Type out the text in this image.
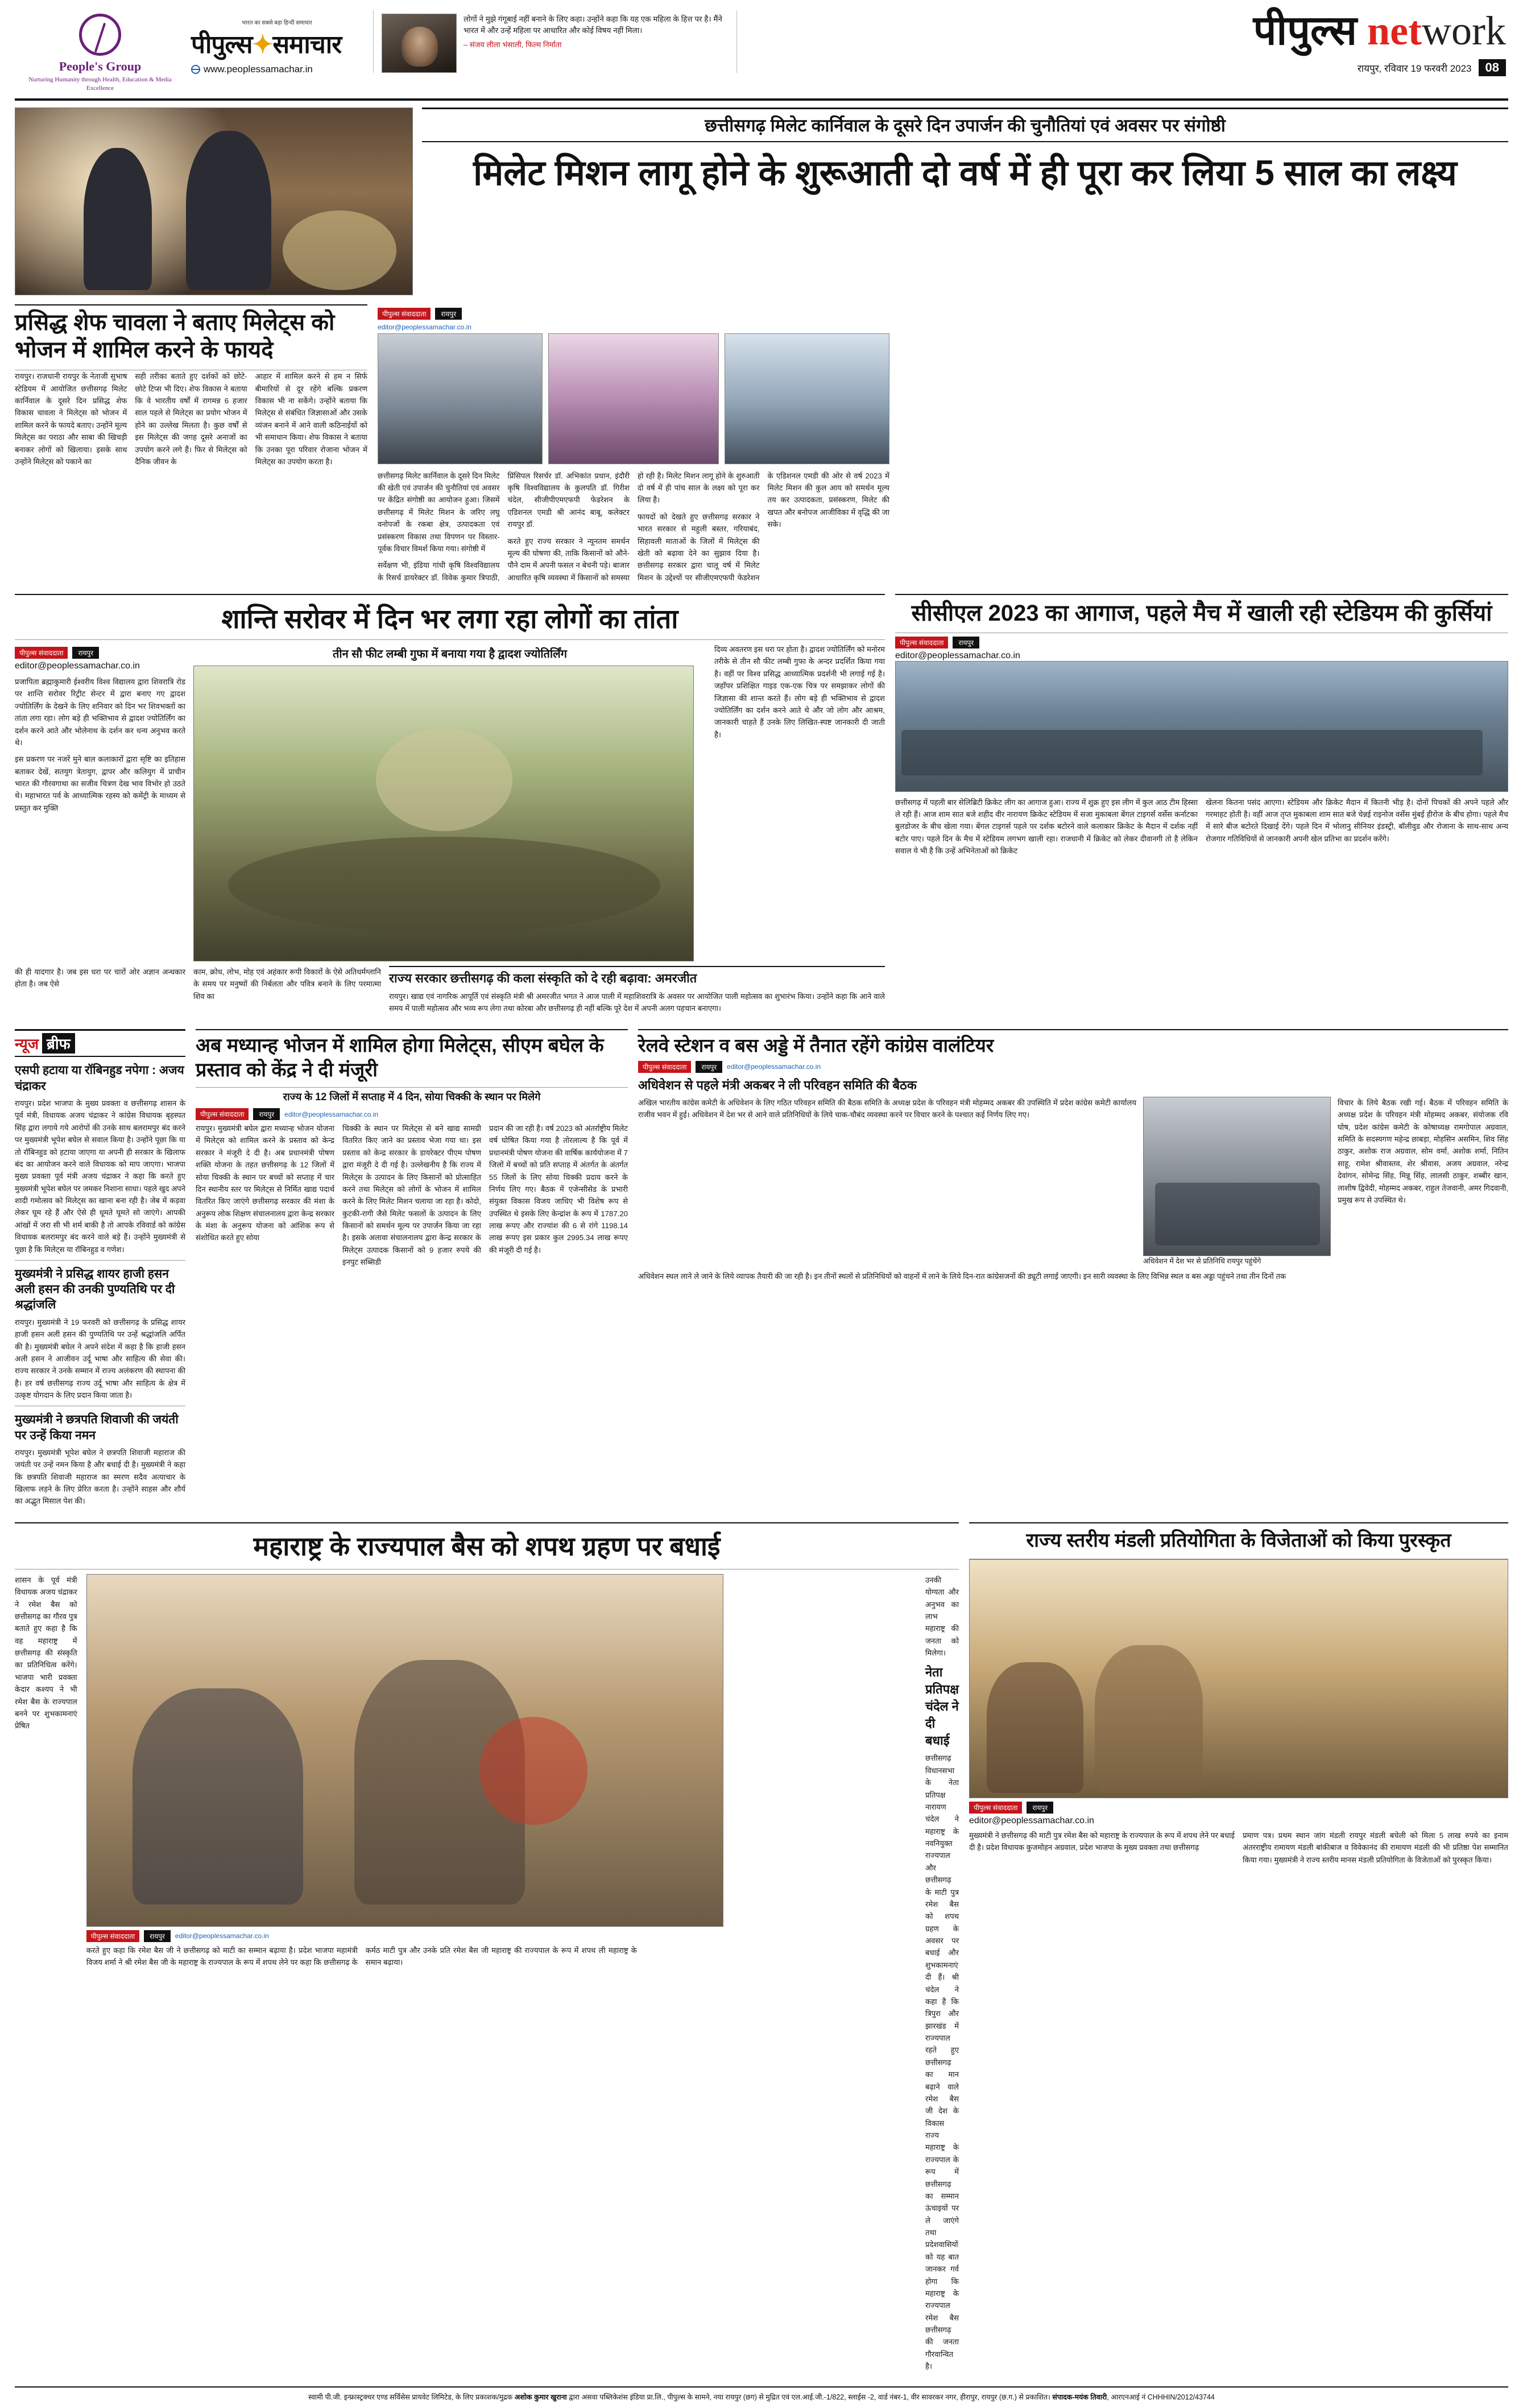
People's Group
Nurturing Humanity through Health, Education & Media Excellence
भारत का सबसे बड़ा हिन्दी समाचार
पीपुल्स✦समाचार
www.peoplessamachar.in
लोगों ने मुझे गंगूबाई नहीं बनाने के लिए कहा। उन्होंने कहा कि यह एक महिला के हित्त पर है। मैंने भारत में और उन्हें महिला पर आधारित और कोई विषय नहीं मिला।
– संजय लीला भंसाली, फिल्म निर्माता	पीपुल्स network
रायपुर, रविवार 19 फरवरी 2023	08
छत्तीसगढ़ मिलेट कार्निवाल के दूसरे दिन उपार्जन की चुनौतियां एवं अवसर पर संगोष्ठी
मिलेट मिशन लागू होने के शुरूआती दो वर्ष में ही पूरा कर लिया 5 साल का लक्ष्य
प्रसिद्ध शेफ चावला ने बताए मिलेट्स को भोजन में शामिल करने के फायदे

रायपुर। राजधानी रायपुर के नेताजी सुभाष स्टेडियम में आयोजित छत्तीसगढ़ मिलेट कार्निवाल के दूसरे दिन प्रसिद्ध शेफ विकास चावला ने मिलेट्स को भोजन में शामिल करने के फायदे बताए। उन्होंने मूल्य मिलेट्स का पराठा और साबा की खिचड़ी बनाकर लोगों को खिलाया। इसके साथ उन्होंने मिलेट्स को पकाने का

सही तरीका बताते हुए दर्शकों को छोटे-छोटे टिप्स भी दिए। शेफ विकास ने बताया कि वे भारतीय वर्षों में रागमन्न 6 हजार साल पहले से मिलेट्स का प्रयोग भोजन में होने का उल्लेख मिलता है। कुछ वर्षों से इस मिलेट्स की जगह दूसरे अनाजों का उपयोग करने लगे हैं। फिर से मिलेट्स को दैनिक जीवन के

आहार में शामिल करने से हम न सिर्फ बीमारियों से दूर रहेंगे बल्कि प्रकरण विकास भी ना सकेंगे। उन्होंने बताया कि मिलेट्स से संबंधित जिज्ञासाओं और उसके व्यंजन बनाने में आने वाली कठिनाईयों को भी समाधान किया। शेफ विकास ने बताया कि उनका पूरा परिवार रोजाना भोजन में मिलेट्स का उपयोग करता है।

पीपुल्स संवाददाता	रायपुर
editor@peoplessamachar.co.in

छत्तीसगढ़ मिलेट कार्निवाल के दूसरे दिन मिलेट की खेती एवं उपार्जन की चुनौतियां एवं अवसर पर केंद्रित संगोष्ठी का आयोजन हुआ। जिसमें छत्तीसगढ़ में मिलेट मिशन के जरिए लघु वनोपजों के रकबा क्षेत्र, उत्पादकता एवं प्रसंस्करण विकास तथा विपणन पर विस्तार-पूर्वक विचार विमर्श किया गया। संगोष्ठी में

सर्वेक्षण भी, इंडिया गांधी कृषि विश्वविद्यालय के रिसर्च डायरेक्टर डॉ. विवेक कुमार त्रिपाठी, प्रिंसिपल रिसर्चर डॉ. अभिकांत प्रधान, इंदौरी कृषि विश्वविद्यालय के कुलपति डॉ. गिरीश चंदेल, सीजीपीएमएफपी फेडरेशन के एडिशनल एमडी श्री आनंद बाबू, कलेक्टर रायपुर डॉ.

करते हुए राज्य सरकार ने न्यूनतम समर्थन मूल्य की घोषणा की, ताकि किसानों को औने-पौने दाम में अपनी फसल न बेचनी पड़े। बाजार आधारित कृषि व्यवस्था में किसानों को समस्या हो रही है। मिलेट मिशन लागू होने के शुरुआती दो वर्ष में ही पांच साल के लक्ष्य को पूरा कर लिया है।

फायदों को देखते हुए छत्तीसगढ़ सरकार ने भारत सरकार से महुली बस्तर, गरियाबंद, सिहावली माताओं के जिलों में मिलेट्स की खेती को बढ़ावा देने का सुझाव दिया है। छत्तीसगढ़ सरकार द्वारा चालू वर्ष में मिलेट मिशन के उद्देश्यों पर सीजीएमएफपी फेडरेशन के एडिशनल एमडी की ओर से वर्ष 2023 में मिलेट मिशन की कुल आय को समर्थन मूल्य तय कर उत्पादकता, प्रसंस्करण, मिलेट की खपत और बनोपज आजीविका में वृद्धि की जा सके।

शान्ति सरोवर में दिन भर लगा रहा लोगों का तांता
पीपुल्स संवाददाता	रायपुर
editor@peoplessamachar.co.in

प्रजापिता ब्रह्माकुमारी ईश्वरीय विश्व विद्यालय द्वारा शिवरात्रि रोड पर शान्ति सरोवर रिट्रीट सेन्टर में द्वारा बनाए गए द्वादश ज्योतिर्लिंग के देखने के लिए शनिवार को दिन भर शिवभक्तों का तांता लगा रहा। लोग बड़े ही भक्तिभाव से द्वादश ज्योतिर्लिंग का दर्शन करने आते और भोलेनाथ के दर्शन कर धन्य अनुभव करते थे।

इस प्रकरण पर नजरें मुने बाल कलाकारों द्वारा सृष्टि का इतिहास बताकर देखें, सतयुग त्रेतायुग, द्वापर और कलियुग में प्राचीन भारत की गौरवगाथा का सजीव चित्रण देख भाव विभोर हो उठते थे। महाभारत पर्व के आध्यात्मिक रहस्य को कमेंट्री के माध्यम से प्रस्तुत कर मुक्ति

तीन सौ फीट लम्बी गुफा में बनाया गया है द्वादश ज्योतिर्लिंग	दिव्य अवतरण इस धरा पर होता है। द्वादश ज्योतिर्लिंग को मनोरम तरीके से तीन सौ फीट लम्बी गुफा के अन्दर प्रदर्शित किया गया है। वहीं पर विश्व प्रसिद्ध आध्यात्मिक प्रदर्शनी भी लगाई गई है। जहाँपर प्रशिक्षित गाइड एक-एक चित्र पर समझाकर लोगों की जिज्ञासा की शान्त करते हैं। लोग बड़े ही भक्तिभाव से द्वादश ज्योतिर्लिंग का दर्शन करने आते थे और जो लोग और आश्रम, जानकारी चाहते हैं उनके लिए लिखित-स्पष्ट जानकारी दी जाती है।

की ही यादगार है। जब इस धरा पर चारों ओर अज्ञान अन्धकार होता है। जब ऐसे

काम, क्रोध, लोभ, मोह एवं अहंकार रूपी विकारों के ऐसे अतिधर्मग्लानि के समय पर मनुष्यों की निर्बलता और पवित्र बनाने के लिए परमात्मा शिव का

राज्य सरकार छत्तीसगढ़ की कला संस्कृति को दे रही बढ़ावा: अमरजीत

रायपुर। खाद्य एवं नागरिक आपूर्ति एवं संस्कृति मंत्री श्री अमरजीत भगत ने आज पाली में महाशिवरात्रि के अवसर पर आयोजित पाली महोत्सव का शुभारंभ किया। उन्होंने कहा कि आने वाले समय में पाली महोत्सव और भव्य रूप लेगा तथा कोरबा और छत्तीसगढ़ ही नहीं बल्कि पूरे देश में अपनी अलग पहचान बनाएगा।

सीसीएल 2023 का आगाज, पहले मैच में खाली रही स्टेडियम की कुर्सियां
पीपुल्स संवाददाता	रायपुर
editor@peoplessamachar.co.in

छत्तीसगढ़ में पहली बार सेलिब्रिटी क्रिकेट लीग का आगाज हुआ। राज्य में शुक्र हुए इस लीग में कुल आठ टीम हिस्सा ले रही हैं। आज शाम सात बजे शहीद वीर नारायण क्रिकेट स्टेडियम में सजा मुकाबला बेंगल टाइगर्स वर्सेस कर्नाटका बुलडोजर के बीच खेला गया। बेंगल टाइगर्स पहले पर दर्शक बटोरने वाले कलाकार क्रिकेट के मैदान में दर्शक नहीं बटोर पाए। पहले दिन के मैच में स्टेडियम लगभग खाली रहा। राजधानी में क्रिकेट को लेकर दीवानगी तो है लेकिन सवाल ये भी है कि उन्हें अभिनेताओं को क्रिकेट

खेलना कितना पसंद आएगा। स्टेडियम और क्रिकेट मैदान में कितनी भीड़ है। दोनों पिचकों की अपने पहले और गरमाहट होती है। वहीं आज तृप्त मुकाबला शाम सात बजे चेन्नई राइनोज वर्सेस मुंबई हीरोज के बीच होगा। पहले मैच में सारे बीज बटोरते दिखाई देंगे। पहले दिन में भोलानु सीनियर इंडस्ट्री, बॉलीवुड और रोजाना के साथ-साथ अन्य रोजगार गतिविधियों से जानकारी अपनी खेल प्रतिभा का प्रदर्शन करेंगे।

न्यूज ब्रीफ
एसपी हटाया या रॉबिनहुड नपेगा : अजय चंद्राकर

रायपुर। प्रदेश भाजपा के मुख्य प्रवक्ता व छत्तीसगढ़ शासन के पूर्व मंत्री, विधायक अजय चंद्राकर ने कांग्रेस विधायक बृहस्पत सिंह द्वारा लगाये गये आरोपों की उनके साथ बलरामपुर बंद करने पर मुख्यमंत्री भूपेश बघेल से सवाल किया है। उन्होंने पूछा कि या तो रॉबिनहुड को हटाया जाएगा या अपनी ही सरकार के खिलाफ बंद का आयोजन करने वाले विधायक को माप जाएगा। भाजपा मुख्य प्रवक्ता पूर्व मंत्री अजय चंद्राकर ने कहा कि करते हुए मुख्यमंत्री भूपेश बघेल पर जमकर निशाना साधा। पहले खुद अपने शादी गमोत्सव को मिलेट्स का खाना बना रही है। जेब में कड़वा लेकर घूम रहे हैं और ऐसे ही धूमते घूमते सो जाएंगे। आपकी आंखों में जरा सी भी शर्म बाकी है तो आपके रविवार्ड को कांग्रेस विधायक बलरामपुर बंद करने वाले बड़े हैं। उन्होंने मुख्यमंत्री से पूछा है कि मिलेट्स या रॉबिनहुड व गणेश।

मुख्यमंत्री ने प्रसिद्ध शायर हाजी हसन अली हसन की उनकी पुण्यतिथि पर दी श्रद्धांजलि

रायपुर। मुख्यमंत्री ने 19 फरवरी को छत्तीसगढ़ के प्रसिद्ध शायर हाजी हसन अली हसन की पुण्यतिथि पर उन्हें श्रद्धांजलि अर्पित की है। मुख्यमंत्री बघेल ने अपने संदेश में कहा है कि हाजी हसन अली हसन ने आजीवन उर्दू भाषा और साहित्य की सेवा की। राज्य सरकार ने उनके सम्मान में राज्य अलंकरण की स्थापना की है। हर वर्ष छत्तीसगढ़ राज्य उर्दू भाषा और साहित्य के क्षेत्र में उत्कृष्ट योगदान के लिए प्रदान किया जाता है।

मुख्यमंत्री ने छत्रपति शिवाजी की जयंती पर उन्हें किया नमन

रायपुर। मुख्यमंत्री भूपेश बघेल ने छत्रपति शिवाजी महाराज की जयंती पर उन्हें नमन किया है और बधाई दी है। मुख्यमंत्री ने कहा कि छत्रपति शिवाजी महाराज का स्मरण सदैव अत्याचार के खिलाफ लड़ने के लिए प्रेरित करता है। उन्होंने साहस और शौर्य का अद्भुत मिसाल पेश की।

अब मध्यान्ह भोजन में शामिल होगा मिलेट्स, सीएम बघेल के प्रस्ताव को केंद्र ने दी मंजूरी
राज्य के 12 जिलों में सप्ताह में 4 दिन, सोया चिक्की के स्थान पर मिलेगे
पीपुल्स संवाददाता	रायपुर	editor@peoplessamachar.co.in

रायपुर। मुख्यमंत्री बघेल द्वारा मध्यान्ह भोजन योजना में मिलेट्स को शामिल करने के प्रस्ताव को केन्द्र सरकार ने मंजूरी दे दी है। अब प्रधानमंत्री पोषण शक्ति योजना के तहत छत्तीसगढ़ के 12 जिलों में सोया चिक्की के स्थान पर बच्चों को सप्ताह में चार दिन स्थानीय स्तर पर मिलेट्स से निर्मित खाद्य पदार्थ वितरित किए जाएंगे छत्तीसगढ़ सरकार की मंशा के अनुरूप लोक शिक्षण संचालनालय द्वारा केन्द्र सरकार के मंशा के अनुरूप योजना को आंशिक रूप से संशोधित करते हुए सोया

चिक्की के स्थान पर मिलेट्स से बने खाद्य सामग्री वितरित किए जाने का प्रस्ताव भेजा गया था। इस प्रस्ताव को केन्द्र सरकार के डायरेक्टर पीएम पोषण द्वारा मंजूरी दे दी गई है। उल्लेखनीय है कि राज्य में मिलेट्स के उत्पादन के लिए किसानों को प्रोत्साहित करने तथा मिलेट्स को लोगों के भोजन में शामिल करने के लिए मिलेट मिशन चलाया जा रहा है। कोदो, कुटकी-रागी जैसे मिलेट फसलों के उत्पादन के लिए किसानों को समर्थन मूल्य पर उपार्जन किया जा रहा है। इसके अलावा संचालनालय द्वारा केन्द्र सरकार के मिलेट्स उत्पादक किसानों को 9 हजार रुपये की इनपुट सब्सिडी

प्रदान की जा रही है। वर्ष 2023 को अंतर्राष्ट्रीय मिलेट वर्ष घोषित किया गया है तोरलाल्य है कि पूर्व में प्रधानमंत्री पोषण योजना की वार्षिक कार्ययोजना में 7 जिलों में बच्चों को प्रति सप्ताह में अंतर्गत के अंतर्गत 55 जिलों के लिए सोया चिक्की प्रदाय करने के निर्णय लिए गए। बैठक में एजेन्सीसेड के प्रभारी संयुक्त विकास विजय जाधिए भी विशेष रूप से उपस्थित थे इसके लिए केन्द्रांश के रूप में 1787.20 लाख रूपए और राज्यांश की 6 से रांगे 1198.14 लाख रूपए इस प्रकार कुल 2995.34 लाख रूपए की मंजूरी दी गई है।

रेलवे स्टेशन व बस अड्डे में तैनात रहेंगे कांग्रेस वालंटियर
पीपुल्स संवाददाता	रायपुर	editor@peoplessamachar.co.in
अधिवेशन से पहले मंत्री अकबर ने ली परिवहन समिति की बैठक

अखिल भारतीय कांग्रेस कमेटी के अधिवेशन के लिए गठित परिवहन समिति की बैठक समिति के अध्यक्ष प्रदेश के परिवहन मंत्री मोहम्मद अकबर की उपस्थिति में प्रदेश कांग्रेस कमेटी कार्यालय राजीव भवन में हुई। अधिवेशन में देश भर से आने वाले प्रतिनिधियों के लिये चाक-चौबंद व्यवस्था करने पर विचार करने के पश्चात कई निर्णय लिए गए।

अधिवेशन में देश भर से प्रतिनिधि रायपुर पहुंचेंगे

विचार के लिये बैठक रखी गई। बैठक में परिवहन समिति के अध्यक्ष प्रदेश के परिवहन मंत्री मोहम्मद अकबर, संयोजक रवि घोष, प्रदेश कांग्रेस कमेटी के कोषाध्यक्ष रामगोपाल अग्रवाल, समिति के सदस्यगण महेन्द्र छाबड़ा, मोहसिन असमिन, शिव सिंह ठाकुर, अशोक राज अग्रवाल, सोम वर्मा, अशोक शर्मा, नितिन साहू, रामेश श्रीवास्तव, शेर श्रीवास, अजय अग्रवाल, नरेन्द्र देवांगन, सोमेन्द्र सिंह, मिन्नू सिंह, लालसी ठाकुर, शब्बीर खान, लाशीष द्विवेदी, मोहम्मद अकबर, राहुल तेजवानी, अमर गिदवानी, प्रमुख रूप से उपस्थित थे।

अधिवेशन स्थल लाने ले जाने के लिये व्यापक तैयारी की जा रही है। इन तीनों स्थलों से प्रतिनिधियों को वाहनों में लाने के लिये दिन-रात कांग्रेसजनों की ड्यूटी लगाई जाएगी। इन सारी व्यवस्था के लिए विभिन्न स्थल व बस अड्डा पहुंचने तथा तीन दिनों तक

महाराष्ट्र के राज्यपाल बैस को शपथ ग्रहण पर बधाई

शासन के पूर्व मंत्री विधायक अजय चंद्राकर ने रमेश बैस को छत्तीसगढ़ का गौरव पुत्र बताते हुए कहा है कि वह महाराष्ट्र में छत्तीसगढ़ की संस्कृति का प्रतिनिधित्व करेंगे। भाजपा भारी प्रवक्ता केदार कश्यप ने भी रमेश बैस के राज्यपाल बनने पर शुभकामनाएं प्रेषित

पीपुल्स संवाददाता	रायपुर	editor@peoplessamachar.co.in

करते हुए कहा कि रमेश बैस जी ने छत्तीसगढ़ को माटी का सम्मान बढ़ाया है। प्रदेश भाजपा महामंत्री विजय शर्मा ने श्री रमेश बैस जी के महाराष्ट्र के राज्यपाल के रूप में शपथ लेने पर कहा कि छत्तीसगढ़ के कर्मठ माटी पुत्र और उनके प्रति रमेश बैस जी महाराष्ट्र की राज्यपाल के रूप में शपथ ली महाराष्ट्र के समान बढ़ाया।

उनकी योग्यता और अनुभव का लाभ महाराष्ट्र की जनता को मिलेगा।

नेता प्रतिपक्ष चंदेल ने दी बधाई

छत्तीसगढ़ विधानसभा के नेता प्रतिपक्ष नारायण चंदेल ने महाराष्ट्र के नवनियुक्त राज्यपाल और छत्तीसगढ़ के माटी पुत्र रमेश बैस को शपथ ग्रहण के अवसर पर बधाई और शुभकामनाएं दी हैं। श्री चंदेल ने कहा है कि त्रिपुरा और झारखंड में राज्यपाल रहते हुए छत्तीसगढ़ का मान बढ़ाने वाले रमेश बैस जी देश के विकास राज्य महाराष्ट्र के राज्यपाल के रूप में छत्तीसगढ़ का सम्मान ऊंचाइयों पर ले जाएंगे तथा प्रदेशवासियों को यह बात जानकर गर्व होगा कि महाराष्ट्र के राज्यपाल रमेश बैस छत्तीसगढ़ की जनता गौरवान्वित है।

राज्य स्तरीय मंडली प्रतियोगिता के विजेताओं को किया पुरस्कृत
पीपुल्स संवाददाता	रायपुर
editor@peoplessamachar.co.in

मुख्यमंत्री ने छत्तीसगढ़ की माटी पुत्र रमेश बैस को महाराष्ट्र के राज्यपाल के रूप में शपथ लेने पर बधाई दी है। प्रदेश विधायक कुजमोहन अग्रवाल, प्रदेश भाजपा के मुख्य प्रवक्ता तथा छत्तीसगढ़

प्रमाण पत्र। प्रथम स्थान जांग मंडली रायपुर मंडली बचेली को मिला 5 लाख रुपये का इनाम अंतरराष्ट्रीय रामायण मंडली बांकीबाज व विवेकानंद की रामायण मंडली की भी प्रतिष्ठा पेश सम्मानित किया गया। मुख्यमंत्री ने राज्य स्तरीय मानस मंडली प्रतियोगिता के विजेताओं को पुरस्कृत किया।

स्वामी पी.जी. इन्फ्रास्ट्रक्चर एण्ड सर्विसेस प्रायवेट लिमिटेड, के लिए प्रकाशक/मुद्रक अशोक कुमार खुराना द्वारा असवा पब्लिकेशंस इंडिया प्रा.लि., पीपुल्स के सामने, नया रायपुर (छग) से मुद्रित एवं एल.आई.जी.-1/822, स्लाईस -2, वार्ड नंबर-1, वीर सावरकर नगर, हीरापुर, रायपुर (छ.ग.) से प्रकाशित। संपादक-मयंक तिवारी, आरएनआई नं CHHHIN/2012/43744
